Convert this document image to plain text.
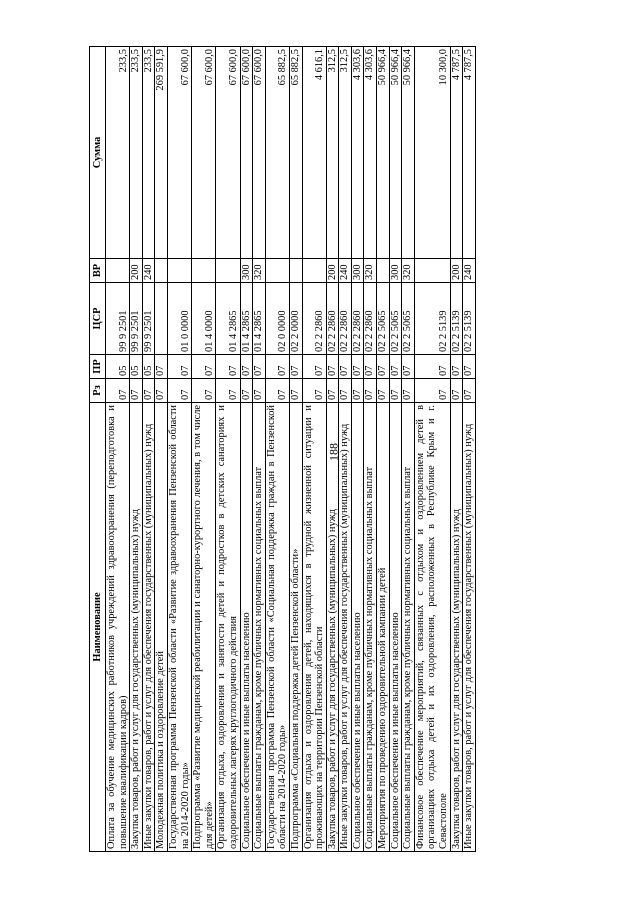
188
Наименование	Рз	ПР	ЦСР	ВР	Сумма
Оплата за обучение медицинских работников учреждений здравоохранения (переподготовка и повышение квалификации кадров)	07	05	99 9 2501		233,5
Закупка товаров, работ и услуг для государственных (муниципальных) нужд	07	05	99 9 2501	200	233,5
Иные закупки товаров, работ и услуг для обеспечения государственных (муниципальных) нужд	07	05	99 9 2501	240	233,5
Молодежная политика и оздоровление детей	07	07			269 591,9
Государственная программа Пензенской области «Развитие здравоохранения Пензенской области на 2014-2020 годы»	07	07	01 0 0000		67 600,0
Подпрограмма «Развитие медицинской реабилитации и санаторно-курортного лечения, в том числе для детей»	07	07	01 4 0000		67 600,0
Организация отдыха, оздоровления и занятости детей и подростков в детских санаториях и оздоровительных лагерях круглогодичного действия	07	07	01 4 2865		67 600,0
Социальное обеспечение и иные выплаты населению	07	07	01 4 2865	300	67 600,0
Социальные выплаты гражданам, кроме публичных нормативных социальных выплат	07	07	01 4 2865	320	67 600,0
Государственная программа Пензенской области «Социальная поддержка граждан в Пензенской области на 2014-2020 годы»	07	07	02 0 0000		65 882,5
Подпрограмма «Социальная поддержка детей Пензенской области»	07	07	02 2 0000		65 882,5
Организация отдыха и оздоровления детей, находящихся в трудной жизненной ситуации и проживающих на территории Пензенской области	07	07	02 2 2860		4 616,1
Закупка товаров, работ и услуг для государственных (муниципальных) нужд	07	07	02 2 2860	200	312,5
Иные закупки товаров, работ и услуг для обеспечения государственных (муниципальных) нужд	07	07	02 2 2860	240	312,5
Социальное обеспечение и иные выплаты населению	07	07	02 2 2860	300	4 303,6
Социальные выплаты гражданам, кроме публичных нормативных социальных выплат	07	07	02 2 2860	320	4 303,6
Мероприятия по проведению оздоровительной кампании детей	07	07	02 2 5065		50 966,4
Социальное обеспечение и иные выплаты населению	07	07	02 2 5065	300	50 966,4
Социальные выплаты гражданам, кроме публичных нормативных социальных выплат	07	07	02 2 5065	320	50 966,4
Финансовое обеспечение мероприятий, связанных с отдыхом и оздоровлением детей в организациях отдыха детей и их оздоровления, расположенных в Республике Крым и г. Севастополе	07	07	02 2 5139		10 300,0
Закупка товаров, работ и услуг для государственных (муниципальных) нужд	07	07	02 2 5139	200	4 787,5
Иные закупки товаров, работ и услуг для обеспечения государственных (муниципальных) нужд	07	07	02 2 5139	240	4 787,5
